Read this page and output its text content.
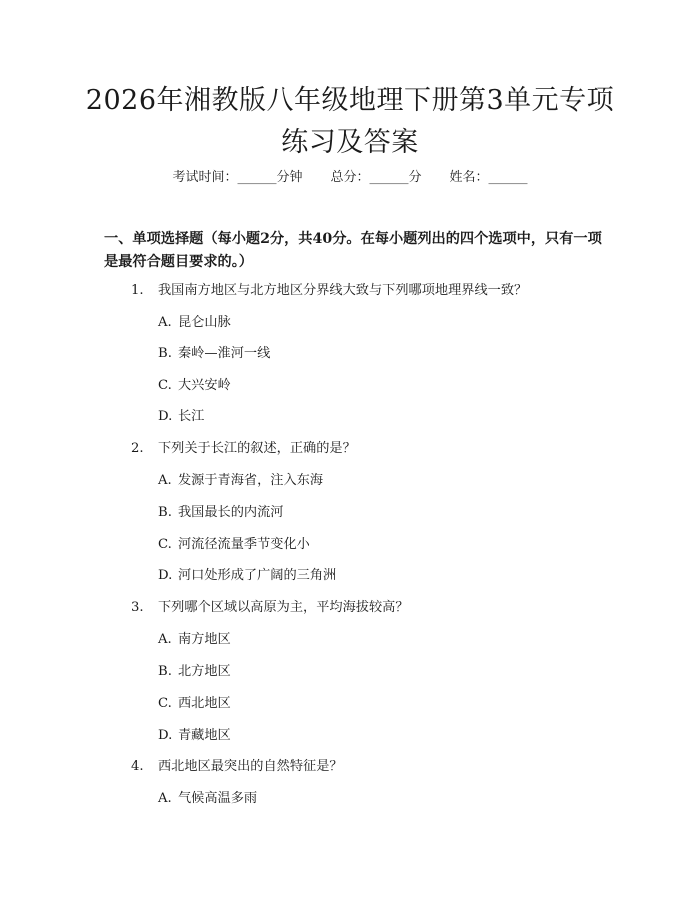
2026年湘教版八年级地理下册第3单元专项
练习及答案
考试时间：______分钟 总分：______分 姓名：______
一、单项选择题（每小题2分，共40分。在每小题列出的四个选项中，只有一项
是最符合题目要求的。）
1. 我国南方地区与北方地区分界线大致与下列哪项地理界线一致？
A. 昆仑山脉
B. 秦岭—淮河一线
C. 大兴安岭
D. 长江
2. 下列关于长江的叙述，正确的是？
A. 发源于青海省，注入东海
B. 我国最长的内流河
C. 河流径流量季节变化小
D. 河口处形成了广阔的三角洲
3. 下列哪个区域以高原为主，平均海拔较高？
A. 南方地区
B. 北方地区
C. 西北地区
D. 青藏地区
4. 西北地区最突出的自然特征是？
A. 气候高温多雨
